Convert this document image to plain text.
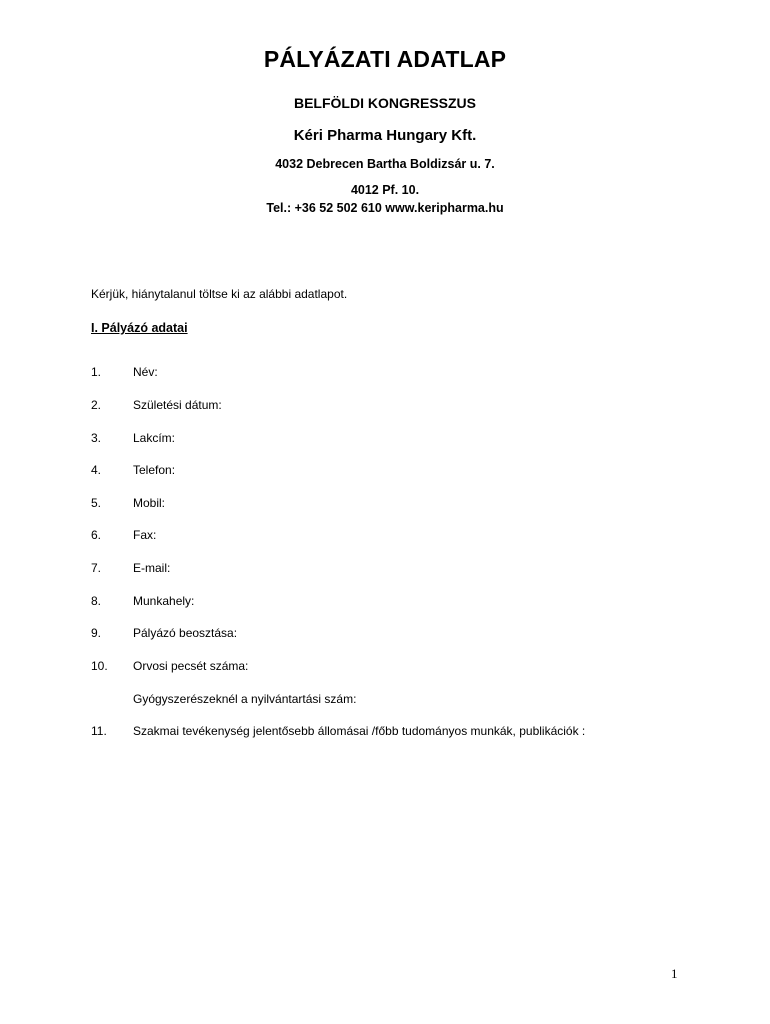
PÁLYÁZATI ADATLAP
BELFÖLDI KONGRESSZUS
Kéri Pharma Hungary Kft.
4032 Debrecen Bartha Boldizsár u. 7.
4012 Pf. 10.
Tel.: +36 52 502 610 www.keripharma.hu
Kérjük, hiánytalanul töltse ki az alábbi adatlapot.
I. Pályázó adatai
1.	Név:
2.	Születési dátum:
3.	Lakcím:
4.	Telefon:
5.	Mobil:
6.	Fax:
7.	E-mail:
8.	Munkahely:
9.	Pályázó beosztása:
10. Orvosi pecsét száma:
Gyógyszerészeknél a nyilvántartási szám:
11. Szakmai tevékenység jelentősebb állomásai /főbb tudományos munkák, publikációk :
1
